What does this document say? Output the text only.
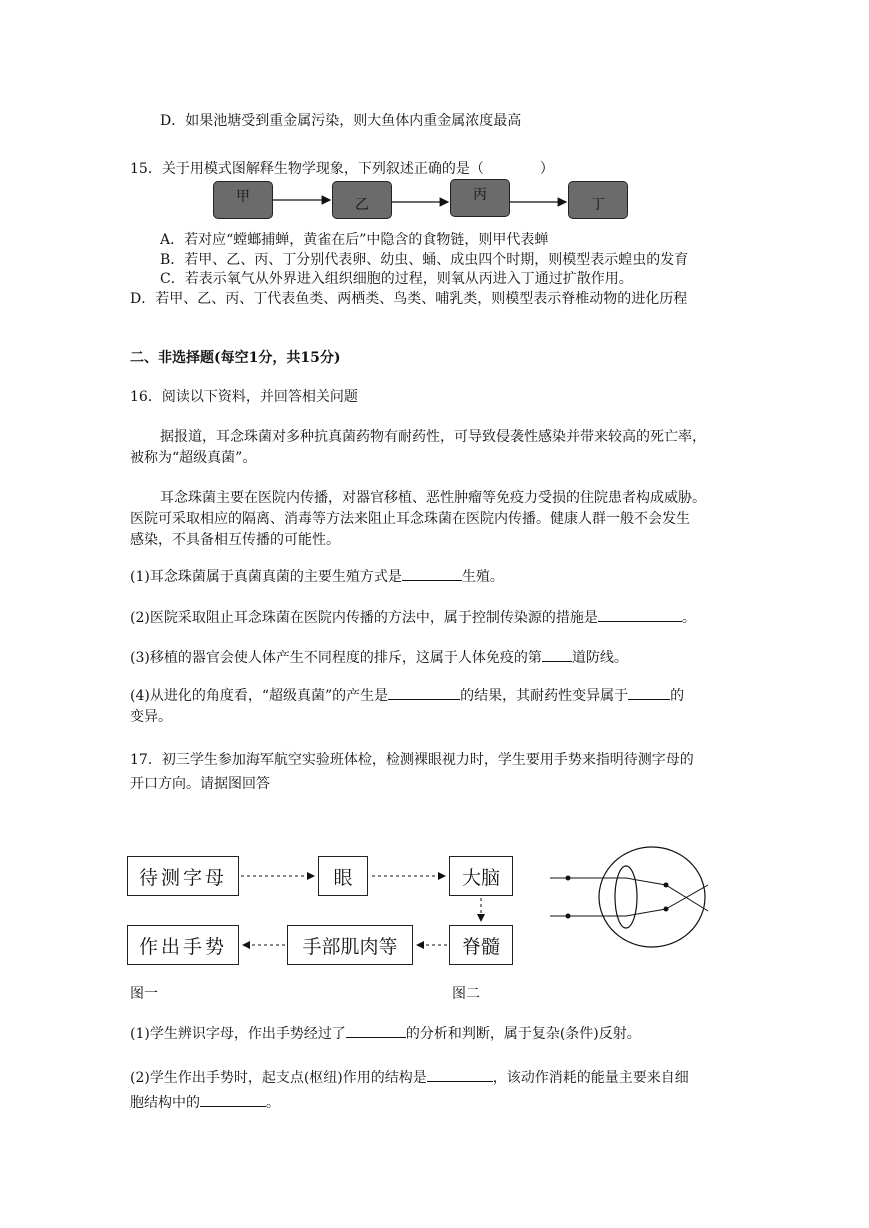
D．如果池塘受到重金属污染，则大鱼体内重金属浓度最高
15．关于用模式图解释生物学现象，下列叙述正确的是（　　　　）
甲	乙
丙
丁
A．若对应“螳螂捕蝉，黄雀在后”中隐含的食物链，则甲代表蝉
B．若甲、乙、丙、丁分别代表卵、幼虫、蛹、成虫四个时期，则模型表示蝗虫的发育
C．若表示氧气从外界进入组织细胞的过程，则氧从丙进入丁通过扩散作用。
D．若甲、乙、丙、丁代表鱼类、两栖类、鸟类、哺乳类，则模型表示脊椎动物的进化历程
二、非选择题(每空1分，共15分)
16．阅读以下资料，并回答相关问题
据报道，耳念珠菌对多种抗真菌药物有耐药性，可导致侵袭性感染并带来较高的死亡率，
被称为“超级真菌”。
耳念珠菌主要在医院内传播，对器官移植、恶性肿瘤等免疫力受损的住院患者构成威胁。
医院可采取相应的隔离、消毒等方法来阻止耳念珠菌在医院内传播。健康人群一般不会发生
感染，不具备相互传播的可能性。
(1)耳念珠菌属于真菌真菌的主要生殖方式是	生殖。
(2)医院采取阻止耳念珠菌在医院内传播的方法中，属于控制传染源的措施是	。
(3)移植的器官会使人体产生不同程度的排斥，这属于人体免疫的第 道防线。
(4)从进化的角度看，“超级真菌”的产生是	的结果，其耐药性变异属于	的
变异。
17．初三学生参加海军航空实验班体检，检测裸眼视力时，学生要用手势来指明待测字母的
开口方向。请据图回答
待测字母	眼	大脑
脊髓
手部肌肉等
作出手势
图一	图二
(1)学生辨识字母，作出手势经过了	的分析和判断，属于复杂(条件)反射。
(2)学生作出手势时，起支点(枢纽)作用的结构是	，该动作消耗的能量主要来自细
胞结构中的	。
